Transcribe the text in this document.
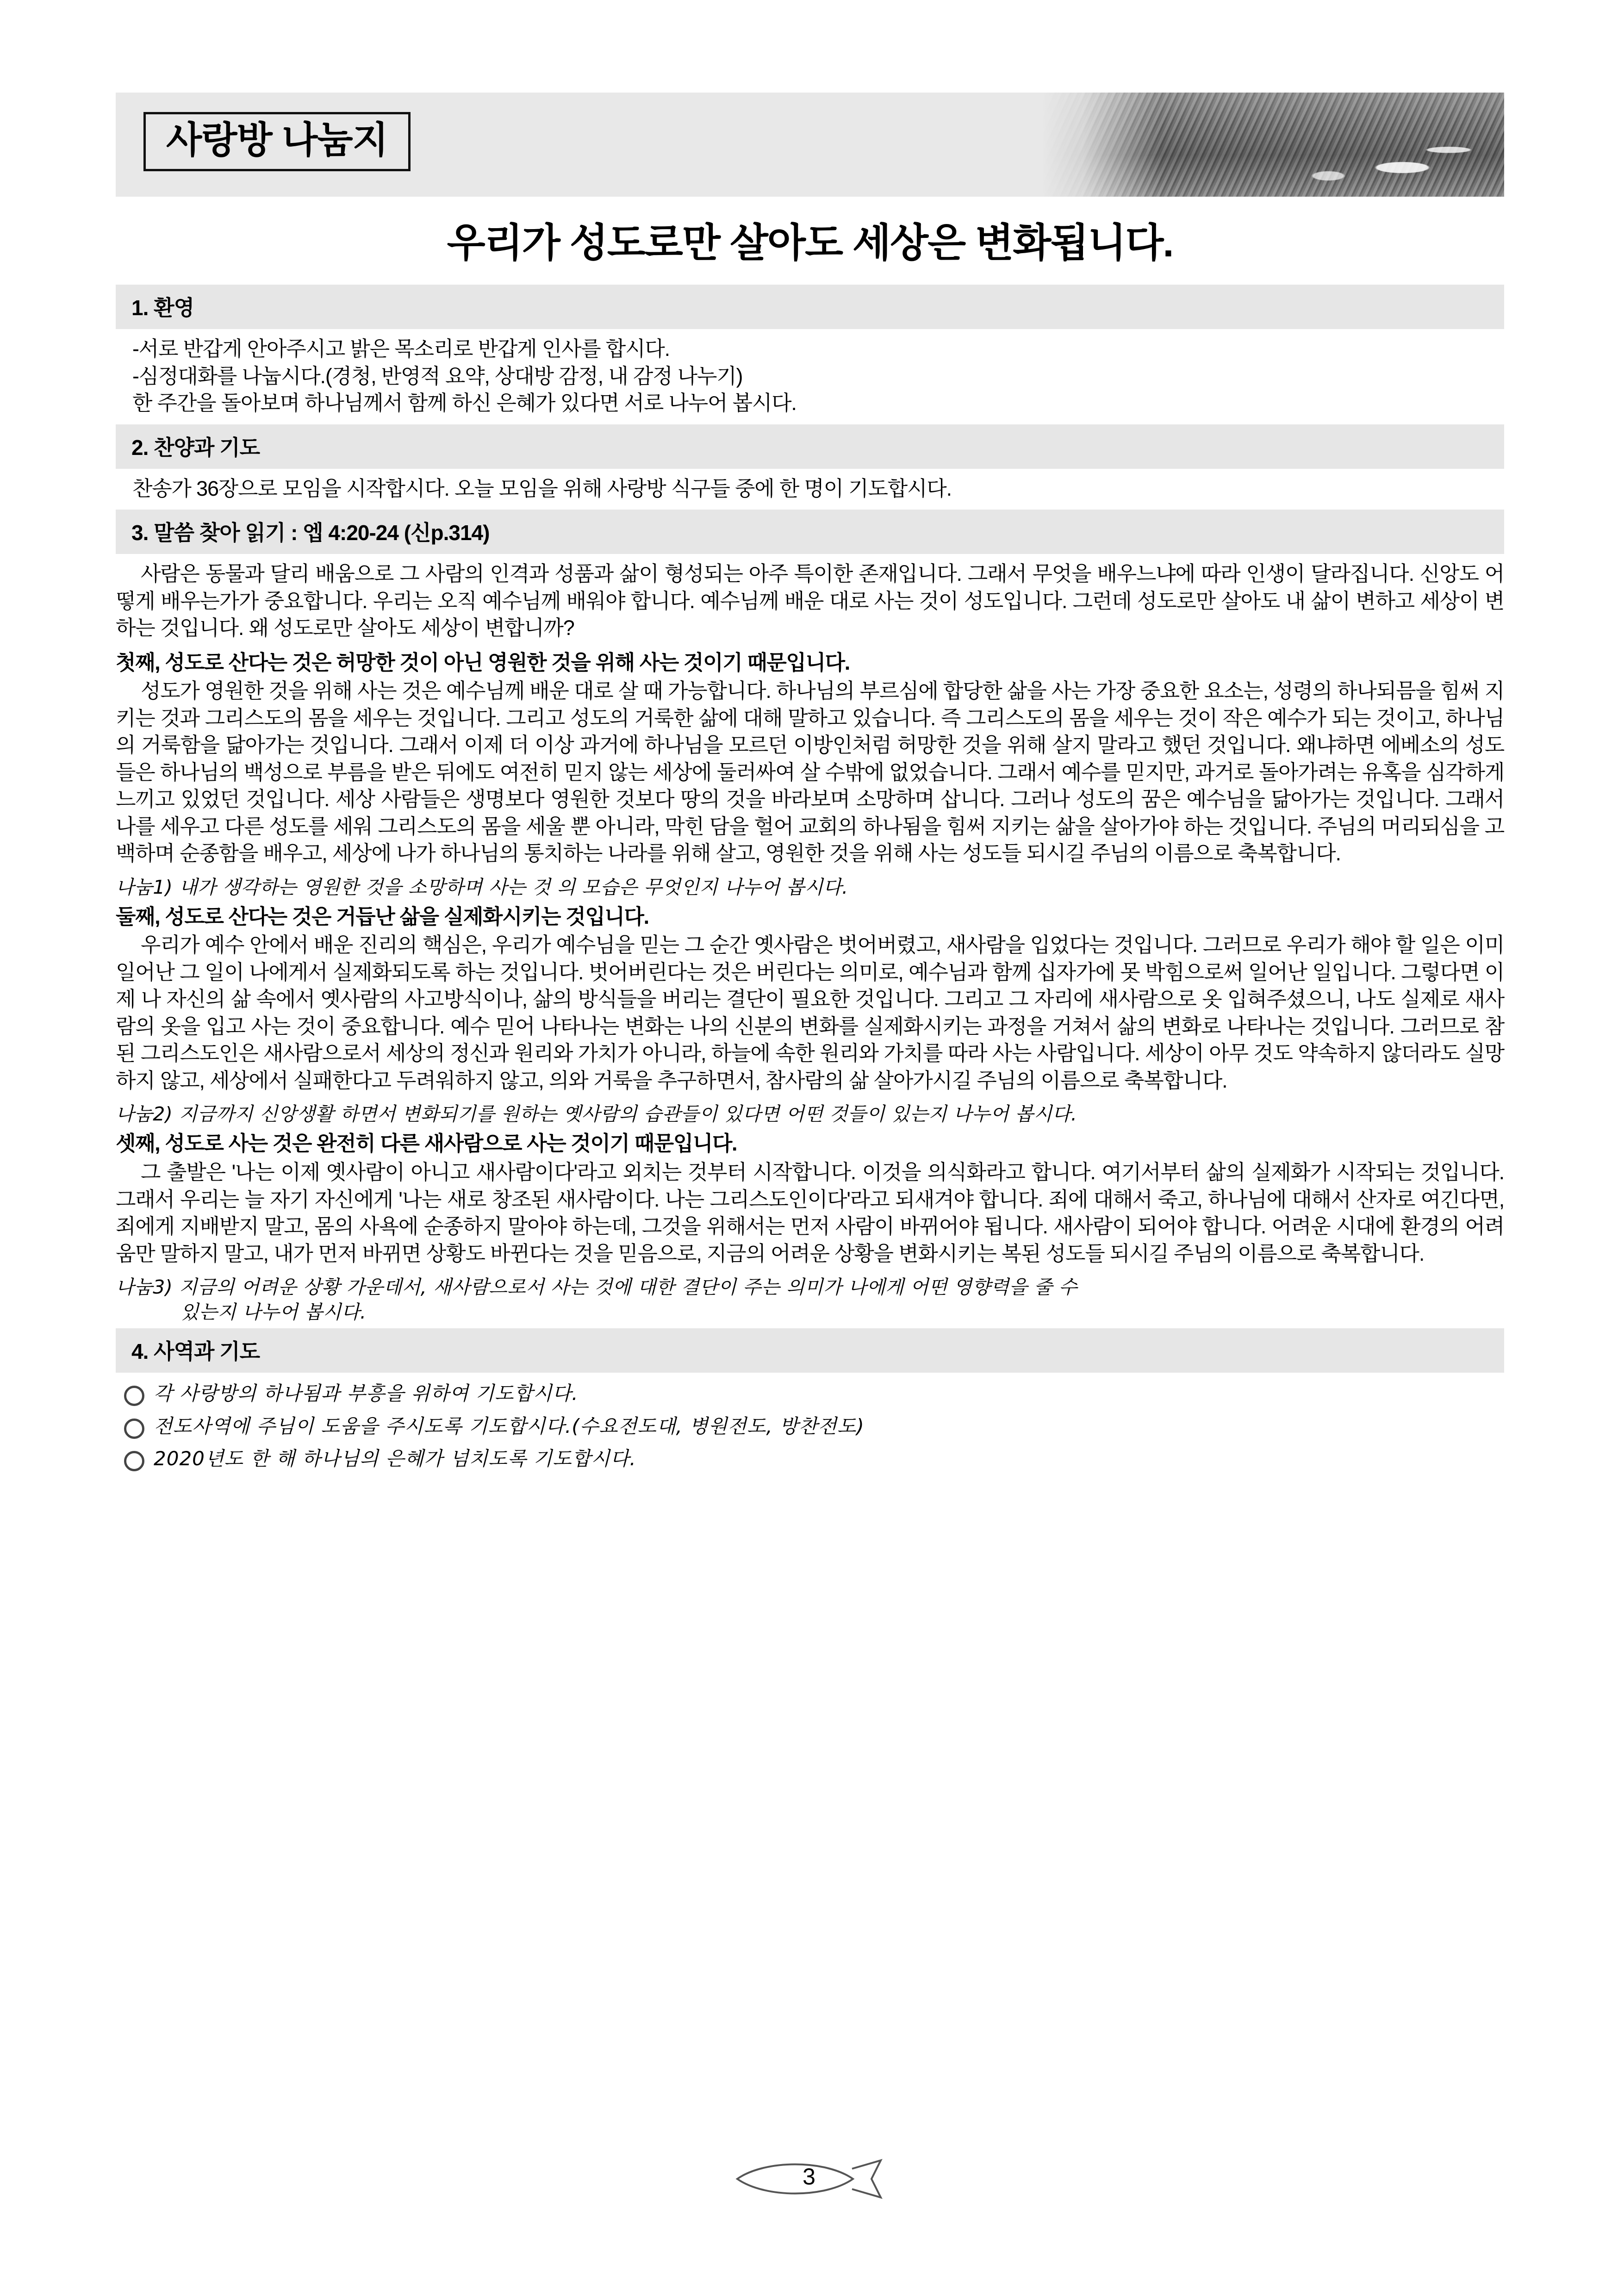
사랑방 나눔지
우리가 성도로만 살아도 세상은 변화됩니다.
1. 환영
-서로 반갑게 안아주시고 밝은 목소리로 반갑게 인사를 합시다.
-심정대화를 나눕시다.(경청, 반영적 요약, 상대방 감정, 내 감정 나누기)
한 주간을 돌아보며 하나님께서 함께 하신 은혜가 있다면 서로 나누어 봅시다.
2. 찬양과 기도
찬송가 36장으로 모임을 시작합시다. 오늘 모임을 위해 사랑방 식구들 중에 한 명이 기도합시다.
3. 말씀 찾아 읽기 : 엡 4:20-24 (신p.314)

사람은 동물과 달리 배움으로 그 사람의 인격과 성품과 삶이 형성되는 아주 특이한 존재입니다. 그래서 무엇을 배우느냐에 따라 인생이 달라집니다. 신앙도 어떻게 배우는가가 중요합니다. 우리는 오직 예수님께 배워야 합니다. 예수님께 배운 대로 사는 것이 성도입니다. 그런데 성도로만 살아도 내 삶이 변하고 세상이 변하는 것입니다. 왜 성도로만 살아도 세상이 변합니까?

첫째, 성도로 산다는 것은 허망한 것이 아닌 영원한 것을 위해 사는 것이기 때문입니다.

성도가 영원한 것을 위해 사는 것은 예수님께 배운 대로 살 때 가능합니다. 하나님의 부르심에 합당한 삶을 사는 가장 중요한 요소는, 성령의 하나되믐을 힘써 지키는 것과 그리스도의 몸을 세우는 것입니다. 그리고 성도의 거룩한 삶에 대해 말하고 있습니다. 즉 그리스도의 몸을 세우는 것이 작은 예수가 되는 것이고, 하나님의 거룩함을 닮아가는 것입니다. 그래서 이제 더 이상 과거에 하나님을 모르던 이방인처럼 허망한 것을 위해 살지 말라고 했던 것입니다. 왜냐하면 에베소의 성도들은 하나님의 백성으로 부름을 받은 뒤에도 여전히 믿지 않는 세상에 둘러싸여 살 수밖에 없었습니다. 그래서 예수를 믿지만, 과거로 돌아가려는 유혹을 심각하게 느끼고 있었던 것입니다. 세상 사람들은 생명보다 영원한 것보다 땅의 것을 바라보며 소망하며 삽니다. 그러나 성도의 꿈은 예수님을 닮아가는 것입니다. 그래서 나를 세우고 다른 성도를 세워 그리스도의 몸을 세울 뿐 아니라, 막힌 담을 헐어 교회의 하나됨을 힘써 지키는 삶을 살아가야 하는 것입니다. 주님의 머리되심을 고백하며 순종함을 배우고, 세상에 나가 하나님의 통치하는 나라를 위해 살고, 영원한 것을 위해 사는 성도들 되시길 주님의 이름으로 축복합니다.

나눔1) 내가 생각하는 영원한 것을 소망하며 사는 것 의 모습은 무엇인지 나누어 봅시다.
둘째, 성도로 산다는 것은 거듭난 삶을 실제화시키는 것입니다.

우리가 예수 안에서 배운 진리의 핵심은, 우리가 예수님을 믿는 그 순간 옛사람은 벗어버렸고, 새사람을 입었다는 것입니다. 그러므로 우리가 해야 할 일은 이미 일어난 그 일이 나에게서 실제화되도록 하는 것입니다. 벗어버린다는 것은 버린다는 의미로, 예수님과 함께 십자가에 못 박힘으로써 일어난 일입니다. 그렇다면 이제 나 자신의 삶 속에서 옛사람의 사고방식이나, 삶의 방식들을 버리는 결단이 필요한 것입니다. 그리고 그 자리에 새사람으로 옷 입혀주셨으니, 나도 실제로 새사람의 옷을 입고 사는 것이 중요합니다. 예수 믿어 나타나는 변화는 나의 신분의 변화를 실제화시키는 과정을 거쳐서 삶의 변화로 나타나는 것입니다. 그러므로 참된 그리스도인은 새사람으로서 세상의 정신과 원리와 가치가 아니라, 하늘에 속한 원리와 가치를 따라 사는 사람입니다. 세상이 아무 것도 약속하지 않더라도 실망하지 않고, 세상에서 실패한다고 두려워하지 않고, 의와 거룩을 추구하면서, 참사람의 삶 살아가시길 주님의 이름으로 축복합니다.

나눔2) 지금까지 신앙생활 하면서 변화되기를 원하는 옛사람의 습관들이 있다면 어떤 것들이 있는지 나누어 봅시다.
셋째, 성도로 사는 것은 완전히 다른 새사람으로 사는 것이기 때문입니다.

그 출발은 '나는 이제 옛사람이 아니고 새사람이다'라고 외치는 것부터 시작합니다. 이것을 의식화라고 합니다. 여기서부터 삶의 실제화가 시작되는 것입니다. 그래서 우리는 늘 자기 자신에게 '나는 새로 창조된 새사람이다. 나는 그리스도인이다'라고 되새겨야 합니다. 죄에 대해서 죽고, 하나님에 대해서 산자로 여긴다면, 죄에게 지배받지 말고, 몸의 사욕에 순종하지 말아야 하는데, 그것을 위해서는 먼저 사람이 바뀌어야 됩니다. 새사람이 되어야 합니다. 어려운 시대에 환경의 어려움만 말하지 말고, 내가 먼저 바뀌면 상황도 바뀐다는 것을 믿음으로, 지금의 어려운 상황을 변화시키는 복된 성도들 되시길 주님의 이름으로 축복합니다.

나눔3) 지금의 어려운 상황 가운데서, 새사람으로서 사는 것에 대한 결단이 주는 의미가 나에게 어떤 영향력을 줄 수
있는지 나누어 봅시다.
4. 사역과 기도
각 사랑방의 하나됨과 부흥을 위하여 기도합시다.
전도사역에 주님이 도움을 주시도록 기도합시다.(수요전도대, 병원전도, 방찬전도)
2020년도 한 해 하나님의 은혜가 넘치도록 기도합시다.
3
